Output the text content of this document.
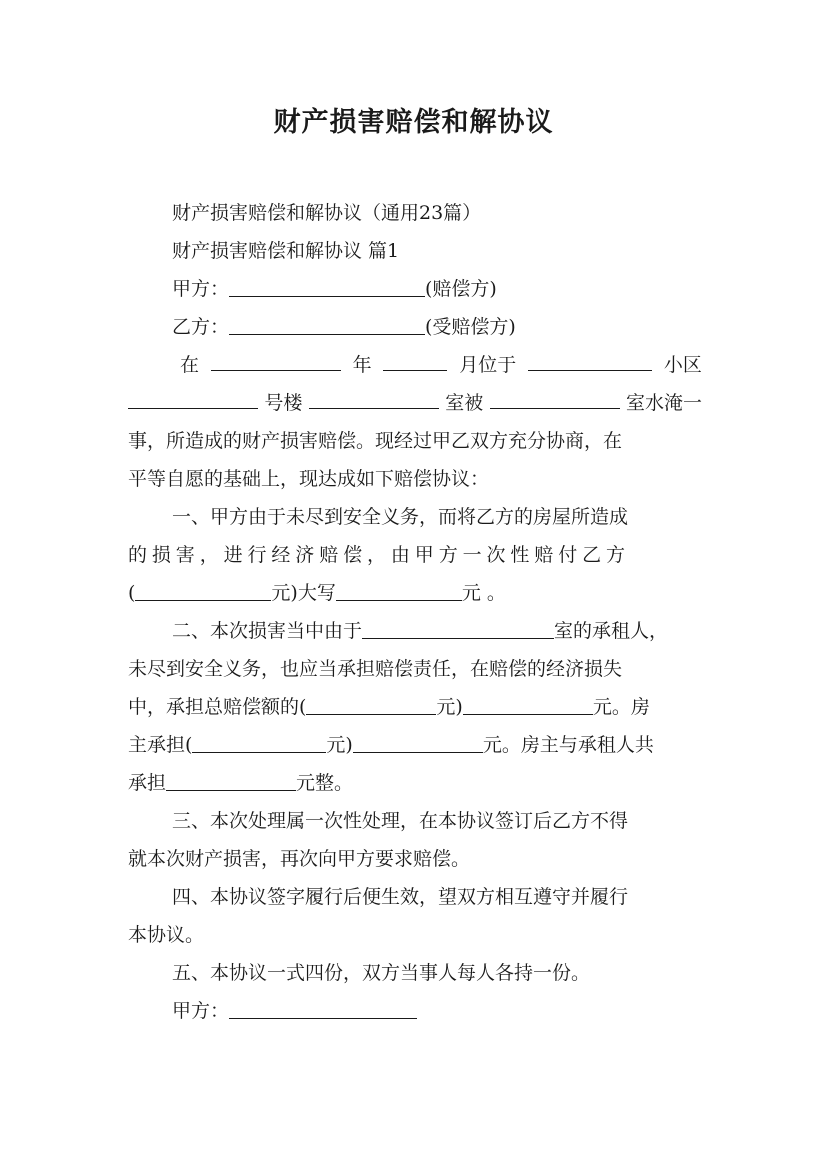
财产损害赔偿和解协议
财产损害赔偿和解协议（通用23篇）
财产损害赔偿和解协议 篇1
甲方：	(赔偿方)
乙方：	(受赔偿方)
在	年	月位于	小区
号楼	室被	室水淹一
事，所造成的财产损害赔偿。现经过甲乙双方充分协商，在
平等自愿的基础上，现达成如下赔偿协议：
一、甲方由于未尽到安全义务，而将乙方的房屋所造成
的损害，进行经济赔偿，由甲方一次性赔付乙方
(	元)大写	元 。
二、本次损害当中由于	室的承租人，
未尽到安全义务，也应当承担赔偿责任，在赔偿的经济损失
中，承担总赔偿额的(	元)	元。房
主承担(	元)	元。房主与承租人共
承担	元整。
三、本次处理属一次性处理，在本协议签订后乙方不得
就本次财产损害，再次向甲方要求赔偿。
四、本协议签字履行后便生效，望双方相互遵守并履行
本协议。
五、本协议一式四份，双方当事人每人各持一份。
甲方：
